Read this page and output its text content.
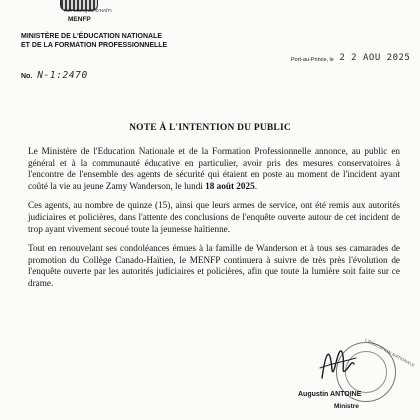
RÉPUBLIQUE D'HAÏTI
MENFP
MINISTÈRE DE L'ÉDUCATION NATIONALE
ET DE LA FORMATION PROFESSIONNELLE
No. N-1:2470
Port-au-Prince, le 2 2 AOU 2025
NOTE À L'INTENTION DU PUBLIC

Le Ministère de l'Education Nationale et de la Formation Professionnelle annonce, au public en général et à la communauté éducative en particulier, avoir pris des mesures conservatoires à l'encontre de l'ensemble des agents de sécurité qui étaient en poste au moment de l'incident ayant coûté la vie au jeune Zamy Wanderson, le lundi 18 août 2025.

Ces agents, au nombre de quinze (15), ainsi que leurs armes de service, ont été remis aux autorités judiciaires et policières, dans l'attente des conclusions de l'enquête ouverte autour de cet incident de trop ayant vivement secoué toute la jeunesse haïtienne.

Tout en renouvelant ses condoléances émues à la famille de Wanderson et à tous ses camarades de promotion du Collège Canado-Haïtien, le MENFP continuera à suivre de très près l'évolution de l'enquête ouverte par les autorités judiciaires et policières, afin que toute la lumière soit faite sur ce drame.

L'ÉDUCATION NATIONALE
Augustin ANTOINE
Ministre
